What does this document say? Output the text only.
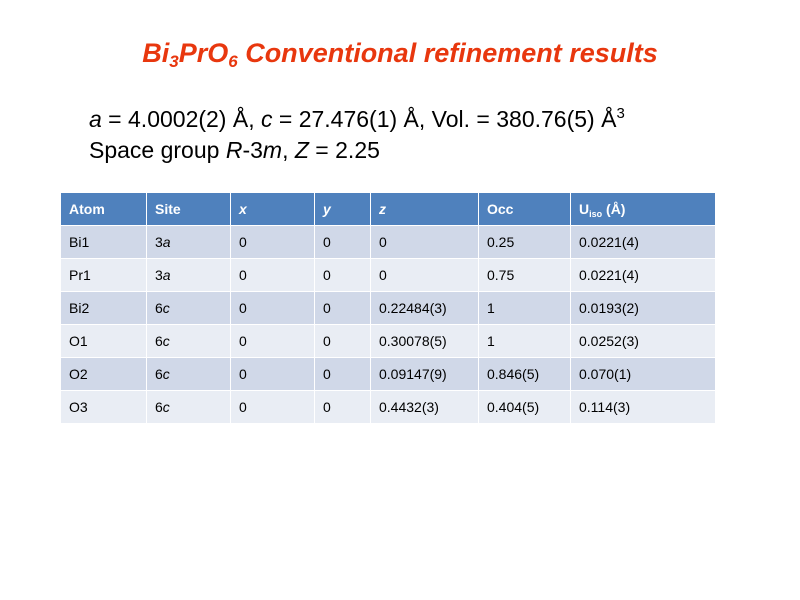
$Bi_3PrO_6$ Conventional refinement results
a = 4.0002(2) Å, c = 27.476(1) Å, Vol. = 380.76(5) $Å^3$
Space group R-3m, Z = 2.25
Atom	Site	x	y	z	Occ	$U_{iso}$ (Å)
Bi1	3a	0	0	0	0.25	0.0221(4)
Pr1	3a	0	0	0	0.75	0.0221(4)
Bi2	6c	0	0	0.22484(3)	1	0.0193(2)
O1	6c	0	0	0.30078(5)	1	0.0252(3)
O2	6c	0	0	0.09147(9)	0.846(5)	0.070(1)
O3	6c	0	0	0.4432(3)	0.404(5)	0.114(3)
